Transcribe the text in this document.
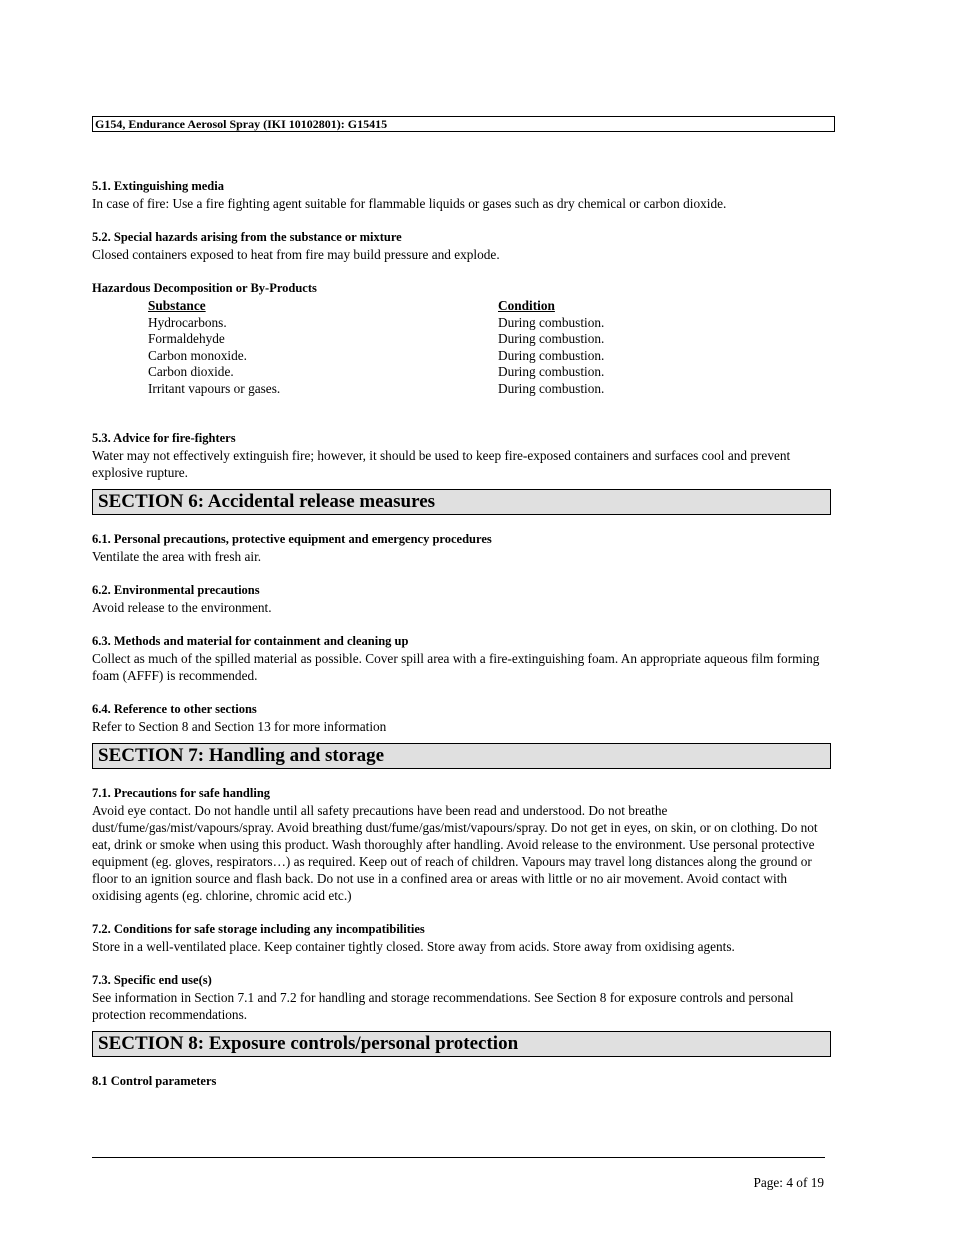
G154, Endurance Aerosol Spray (IKI 10102801): G15415
5.1. Extinguishing media

In case of fire: Use a fire fighting agent suitable for flammable liquids or gases such as dry chemical or carbon dioxide.

5.2. Special hazards arising from the substance or mixture

Closed containers exposed to heat from fire may build pressure and explode.

Hazardous Decomposition or By-Products
Substance	Condition
Hydrocarbons.	During combustion.
Formaldehyde	During combustion.
Carbon monoxide.	During combustion.
Carbon dioxide.	During combustion.
Irritant vapours or gases.	During combustion.
5.3. Advice for fire-fighters

Water may not effectively extinguish fire; however, it should be used to keep fire-exposed containers and surfaces cool and prevent explosive rupture.

SECTION 6: Accidental release measures
6.1. Personal precautions, protective equipment and emergency procedures

Ventilate the area with fresh air.

6.2. Environmental precautions

Avoid release to the environment.

6.3. Methods and material for containment and cleaning up

Collect as much of the spilled material as possible. Cover spill area with a fire-extinguishing foam. An appropriate aqueous film forming foam (AFFF) is recommended.

6.4. Reference to other sections

Refer to Section 8 and Section 13 for more information

SECTION 7: Handling and storage
7.1. Precautions for safe handling

Avoid eye contact. Do not handle until all safety precautions have been read and understood. Do not breathe dust/fume/gas/mist/vapours/spray. Avoid breathing dust/fume/gas/mist/vapours/spray. Do not get in eyes, on skin, or on clothing. Do not eat, drink or smoke when using this product. Wash thoroughly after handling. Avoid release to the environment. Use personal protective equipment (eg. gloves, respirators…) as required. Keep out of reach of children. Vapours may travel long distances along the ground or floor to an ignition source and flash back. Do not use in a confined area or areas with little or no air movement. Avoid contact with oxidising agents (eg. chlorine, chromic acid etc.)

7.2. Conditions for safe storage including any incompatibilities

Store in a well-ventilated place. Keep container tightly closed. Store away from acids. Store away from oxidising agents.

7.3. Specific end use(s)

See information in Section 7.1 and 7.2 for handling and storage recommendations. See Section 8 for exposure controls and personal protection recommendations.

SECTION 8: Exposure controls/personal protection
8.1 Control parameters
Page: 4 of 19
